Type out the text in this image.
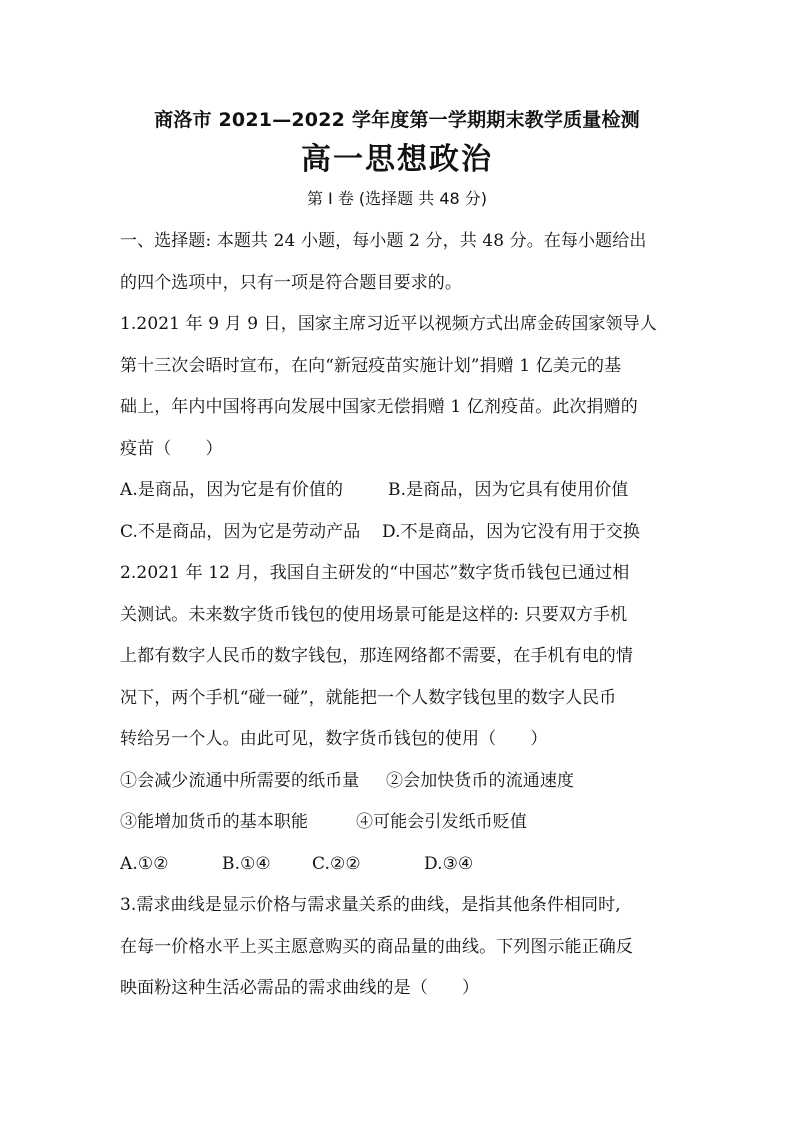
商洛市 2021—2022 学年度第一学期期末教学质量检测
高一思想政治
第 I 卷 (选择题 共 48 分)
一、选择题: 本题共 24 小题，每小题 2 分，共 48 分。在每小题给出
的四个选项中，只有一项是符合题目要求的。
1.2021 年 9 月 9 日，国家主席习近平以视频方式出席金砖国家领导人
第十三次会晤时宣布，在向“新冠疫苗实施计划”捐赠 1 亿美元的基
础上，年内中国将再向发展中国家无偿捐赠 1 亿剂疫苗。此次捐赠的
疫苗（　　）
A.是商品，因为它是有价值的	B.是商品，因为它具有使用价值
C.不是商品，因为它是劳动产品	D.不是商品，因为它没有用于交换
2.2021 年 12 月，我国自主研发的“中国芯”数字货币钱包已通过相
关测试。未来数字货币钱包的使用场景可能是这样的: 只要双方手机
上都有数字人民币的数字钱包，那连网络都不需要，在手机有电的情
况下，两个手机“碰一碰”，就能把一个人数字钱包里的数字人民币
转给另一个人。由此可见，数字货币钱包的使用（　　）
①会减少流通中所需要的纸币量	②会加快货币的流通速度
③能增加货币的基本职能	④可能会引发纸币贬值
A.①②	B.①④	C.②②	D.③④
3.需求曲线是显示价格与需求量关系的曲线，是指其他条件相同时,
在每一价格水平上买主愿意购买的商品量的曲线。下列图示能正确反
映面粉这种生活必需品的需求曲线的是（　　）
